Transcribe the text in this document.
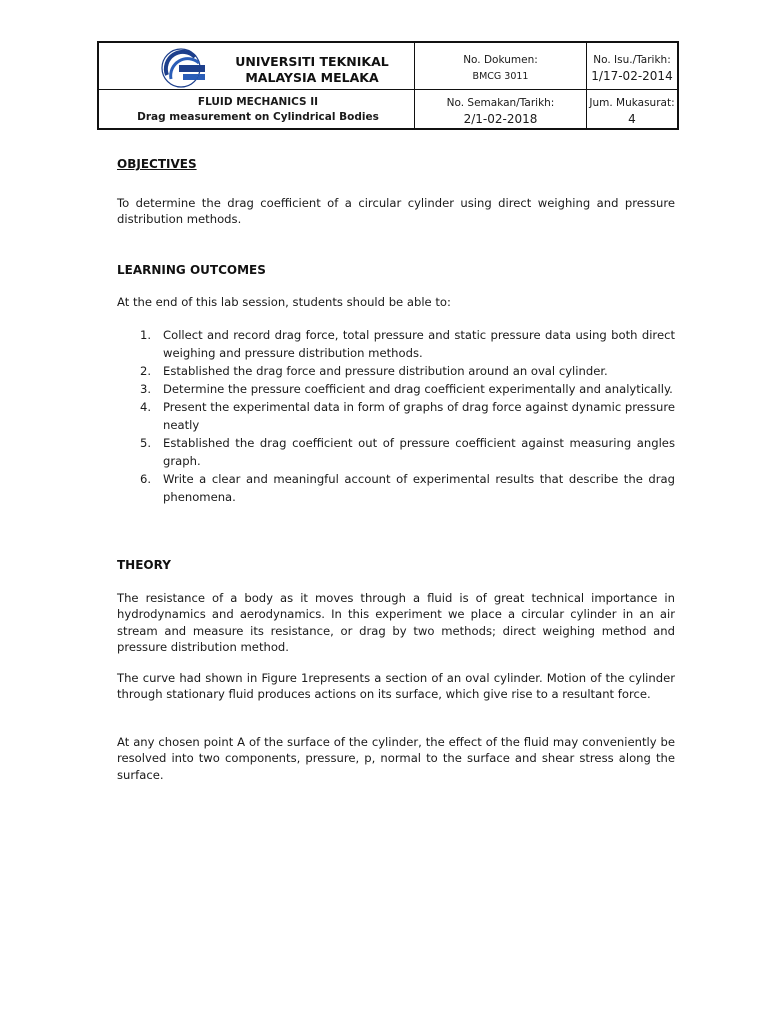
UNIVERSITI TEKNIKAL
MALAYSIA MELAKA
FLUID MECHANICS II
Drag measurement on Cylindrical Bodies
No. Dokumen:
BMCG 3011
No. Isu./Tarikh:
1/17-02-2014
No. Semakan/Tarikh:
2/1-02-2018
Jum. Mukasurat:
4
OBJECTIVES
To determine the drag coefficient of a circular cylinder using direct weighing and pressure distribution methods.
LEARNING OUTCOMES
At the end of this lab session, students should be able to:
1. Collect and record drag force, total pressure and static pressure data using both direct weighing and pressure distribution methods.
2. Established the drag force and pressure distribution around an oval cylinder.
3. Determine the pressure coefficient and drag coefficient experimentally and analytically.
4. Present the experimental data in form of graphs of drag force against dynamic pressure neatly
5. Established the drag coefficient out of pressure coefficient against measuring angles graph.
6. Write a clear and meaningful account of experimental results that describe the drag phenomena.
THEORY
The resistance of a body as it moves through a fluid is of great technical importance in hydrodynamics and aerodynamics. In this experiment we place a circular cylinder in an air stream and measure its resistance, or drag by two methods; direct weighing method and pressure distribution method.
The curve had shown in Figure 1represents a section of an oval cylinder. Motion of the cylinder through stationary fluid produces actions on its surface, which give rise to a resultant force.
At any chosen point A of the surface of the cylinder, the effect of the fluid may conveniently be resolved into two components, pressure, p, normal to the surface and shear stress along the surface.
